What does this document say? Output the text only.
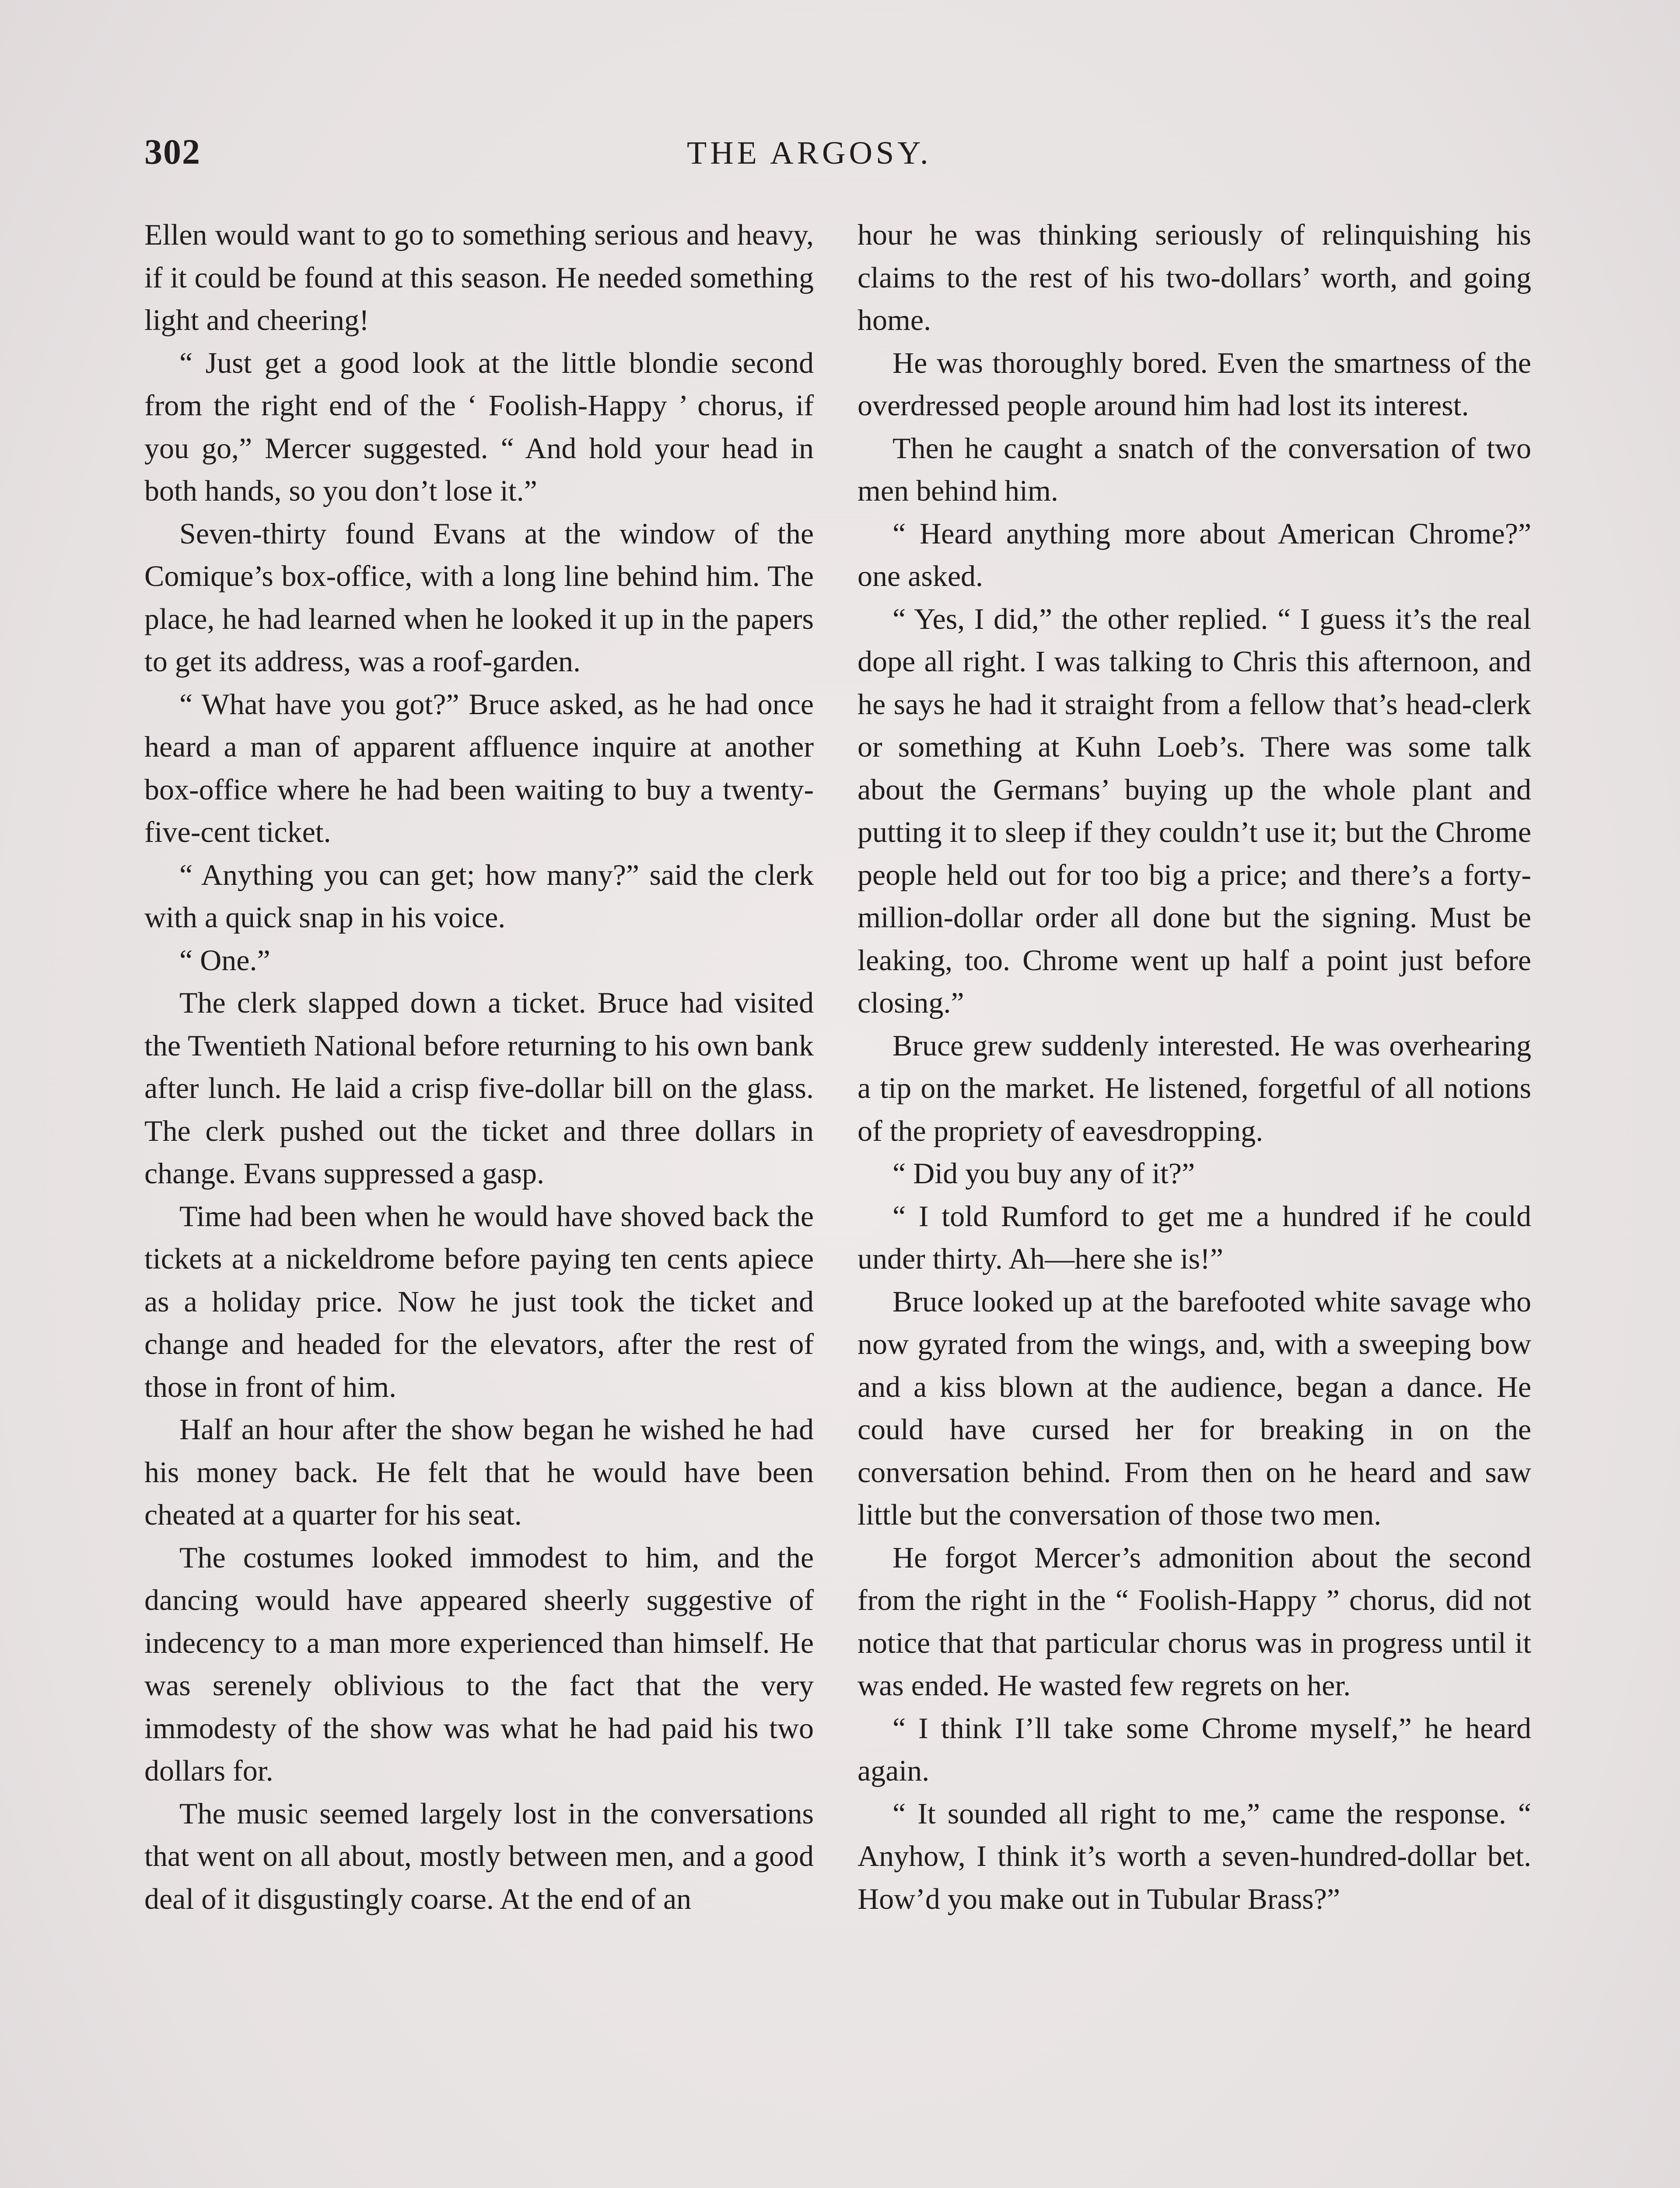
302	THE ARGOSY.

Ellen would want to go to something serious and heavy, if it could be found at this season. He needed something light and cheering!

“ Just get a good look at the little blondie second from the right end of the ‘ Foolish-Happy ’ chorus, if you go,” Mercer suggested. “ And hold your head in both hands, so you don’t lose it.”

Seven-thirty found Evans at the window of the Comique’s box-office, with a long line behind him. The place, he had learned when he looked it up in the papers to get its address, was a roof-garden.

“ What have you got?” Bruce asked, as he had once heard a man of apparent affluence inquire at another box-office where he had been waiting to buy a twenty-five-cent ticket.

“ Anything you can get; how many?” said the clerk with a quick snap in his voice.

“ One.”

The clerk slapped down a ticket. Bruce had visited the Twentieth National before returning to his own bank after lunch. He laid a crisp five-dollar bill on the glass. The clerk pushed out the ticket and three dollars in change. Evans suppressed a gasp.

Time had been when he would have shoved back the tickets at a nickeldrome before paying ten cents apiece as a holiday price. Now he just took the ticket and change and headed for the elevators, after the rest of those in front of him.

Half an hour after the show began he wished he had his money back. He felt that he would have been cheated at a quarter for his seat.

The costumes looked immodest to him, and the dancing would have appeared sheerly suggestive of indecency to a man more experienced than himself. He was serenely oblivious to the fact that the very immodesty of the show was what he had paid his two dollars for.

The music seemed largely lost in the conversations that went on all about, mostly between men, and a good deal of it disgustingly coarse. At the end of an

hour he was thinking seriously of relinquishing his claims to the rest of his two-dollars’ worth, and going home.

He was thoroughly bored. Even the smartness of the overdressed people around him had lost its interest.

Then he caught a snatch of the conversation of two men behind him.

“ Heard anything more about American Chrome?” one asked.

“ Yes, I did,” the other replied. “ I guess it’s the real dope all right. I was talking to Chris this afternoon, and he says he had it straight from a fellow that’s head-clerk or something at Kuhn Loeb’s. There was some talk about the Germans’ buying up the whole plant and putting it to sleep if they couldn’t use it; but the Chrome people held out for too big a price; and there’s a forty-million-dollar order all done but the signing. Must be leaking, too. Chrome went up half a point just before closing.”

Bruce grew suddenly interested. He was overhearing a tip on the market. He listened, forgetful of all notions of the propriety of eavesdropping.

“ Did you buy any of it?”

“ I told Rumford to get me a hundred if he could under thirty. Ah—here she is!”

Bruce looked up at the barefooted white savage who now gyrated from the wings, and, with a sweeping bow and a kiss blown at the audience, began a dance. He could have cursed her for breaking in on the conversation behind. From then on he heard and saw little but the conversation of those two men.

He forgot Mercer’s admonition about the second from the right in the “ Foolish-Happy ” chorus, did not notice that that particular chorus was in progress until it was ended. He wasted few regrets on her.

“ I think I’ll take some Chrome myself,” he heard again.

“ It sounded all right to me,” came the response. “ Anyhow, I think it’s worth a seven-hundred-dollar bet. How’d you make out in Tubular Brass?”
